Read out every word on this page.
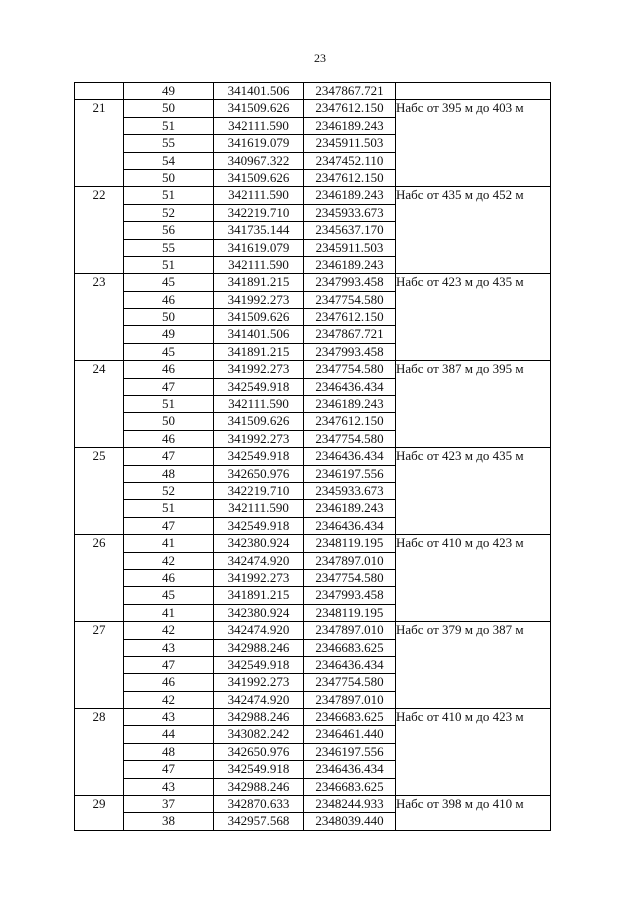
23
	49	341401.506	2347867.721	
21	50	341509.626	2347612.150	Набс от 395 м до 403 м
	51	342111.590	2346189.243	
	55	341619.079	2345911.503	
	54	340967.322	2347452.110	
	50	341509.626	2347612.150	
22	51	342111.590	2346189.243	Набс от 435 м до 452 м
	52	342219.710	2345933.673	
	56	341735.144	2345637.170	
	55	341619.079	2345911.503	
	51	342111.590	2346189.243	
23	45	341891.215	2347993.458	Набс от 423 м до 435 м
	46	341992.273	2347754.580	
	50	341509.626	2347612.150	
	49	341401.506	2347867.721	
	45	341891.215	2347993.458	
24	46	341992.273	2347754.580	Набс от 387 м до 395 м
	47	342549.918	2346436.434	
	51	342111.590	2346189.243	
	50	341509.626	2347612.150	
	46	341992.273	2347754.580	
25	47	342549.918	2346436.434	Набс от 423 м до 435 м
	48	342650.976	2346197.556	
	52	342219.710	2345933.673	
	51	342111.590	2346189.243	
	47	342549.918	2346436.434	
26	41	342380.924	2348119.195	Набс от 410 м до 423 м
	42	342474.920	2347897.010	
	46	341992.273	2347754.580	
	45	341891.215	2347993.458	
	41	342380.924	2348119.195	
27	42	342474.920	2347897.010	Набс от 379 м до 387 м
	43	342988.246	2346683.625	
	47	342549.918	2346436.434	
	46	341992.273	2347754.580	
	42	342474.920	2347897.010	
28	43	342988.246	2346683.625	Набс от 410 м до 423 м
	44	343082.242	2346461.440	
	48	342650.976	2346197.556	
	47	342549.918	2346436.434	
	43	342988.246	2346683.625	
29	37	342870.633	2348244.933	Набс от 398 м до 410 м
	38	342957.568	2348039.440	
